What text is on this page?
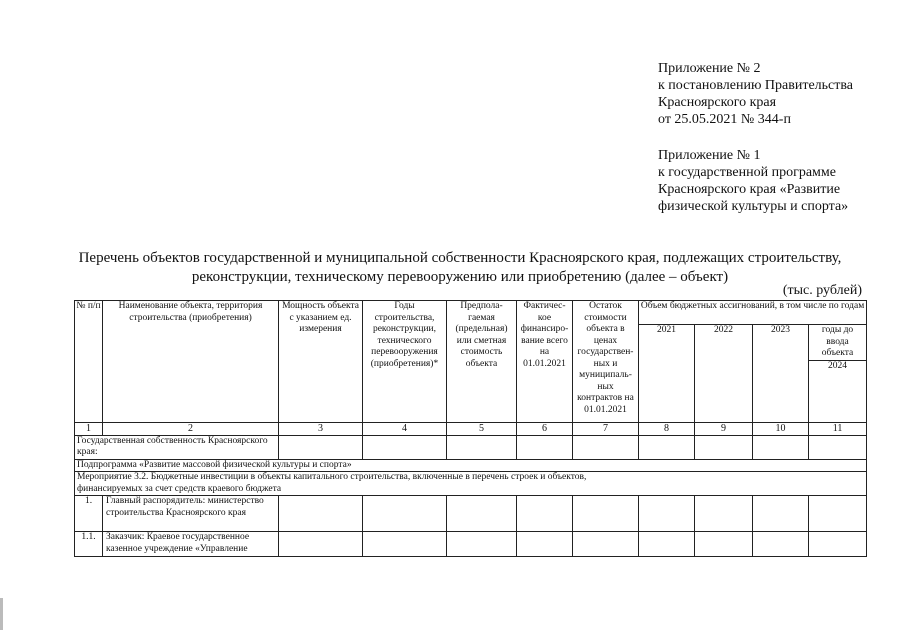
Приложение № 2
к постановлению Правительства
Красноярского края
от 25.05.2021 № 344-п
Приложение № 1
к государственной программе
Красноярского края «Развитие
физической культуры и спорта»
Перечень объектов государственной и муниципальной собственности Красноярского края, подлежащих строительству,
реконструкции, техническому перевооружению или приобретению (далее – объект)
(тыс. рублей)
№ п/п	Наименование объекта, территория строительства (приобретения)	Мощность объекта с указанием ед. измерения	Годы строительства, реконструкции, технического перевооружения (приобретения)*	Предпола-гаемая (предельная) или сметная стоимость объекта	Фактичес-кое финансиро-вание всего на 01.01.2021	Остаток стоимости объекта в ценах государствен-ных и муниципаль-ных контрактов на 01.01.2021	Объем бюджетных ассигнований, в том числе по годам			
							2021	2022	2023	годы до ввода объекта
										2024
1	2	3	4	5	6	7	8	9	10	11
Государственная собственность Красноярского края:										
Подпрограмма «Развитие массовой физической культуры и спорта»										
Мероприятие 3.2. Бюджетные инвестиции в объекты капитального строительства, включенные в перечень строек и объектов, финансируемых за счет средств краевого бюджета										
1.	Главный распорядитель: министерство строительства Красноярского края									
1.1.	Заказчик: Краевое государственное казенное учреждение «Управление									
